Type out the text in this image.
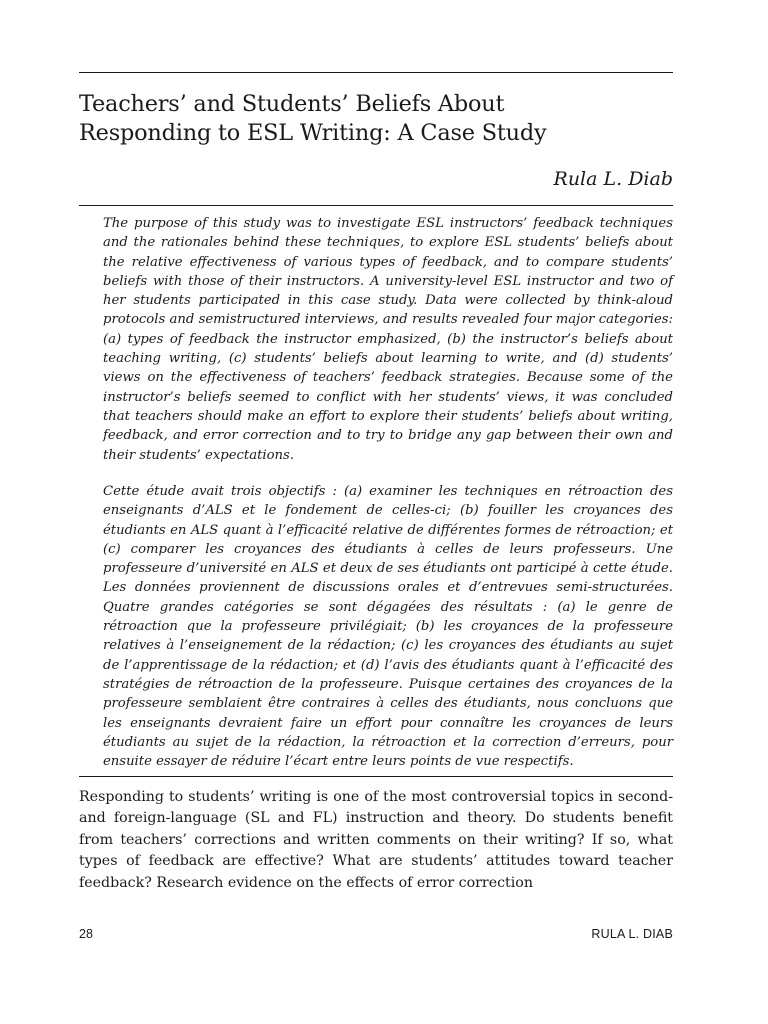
Teachers’ and Students’ Beliefs About
Responding to ESL Writing: A Case Study

Rula L. Diab

The purpose of this study was to investigate ESL instructors’ feedback techniques and the rationales behind these techniques, to explore ESL students’ beliefs about the relative effectiveness of various types of feedback, and to compare students’ beliefs with those of their instructors. A university-level ESL instructor and two of her students participated in this case study. Data were collected by think-aloud protocols and semistructured interviews, and results revealed four major categories: (a) types of feedback the instructor emphasized, (b) the instructor’s beliefs about teaching writing, (c) students’ beliefs about learning to write, and (d) students’ views on the effectiveness of teachers’ feedback strategies. Because some of the instructor’s beliefs seemed to conflict with her students’ views, it was concluded that teachers should make an effort to explore their students’ beliefs about writing, feedback, and error correction and to try to bridge any gap between their own and their students’ expectations.

Cette étude avait trois objectifs : (a) examiner les techniques en rétroaction des enseignants d’ALS et le fondement de celles-ci; (b) fouiller les croyances des étudiants en ALS quant à l’efficacité relative de différentes formes de rétroaction; et (c) comparer les croyances des étudiants à celles de leurs professeurs. Une professeure d’université en ALS et deux de ses étudiants ont participé à cette étude. Les données proviennent de discussions orales et d’entrevues semi-structurées. Quatre grandes catégories se sont dégagées des résultats : (a) le genre de rétroaction que la professeure privilégiait; (b) les croyances de la professeure relatives à l’enseignement de la rédaction; (c) les croyances des étudiants au sujet de l’apprentissage de la rédaction; et (d) l’avis des étudiants quant à l’efficacité des stratégies de rétroaction de la professeure. Puisque certaines des croyances de la professeure semblaient être contraires à celles des étudiants, nous concluons que les enseignants devraient faire un effort pour connaître les croyances de leurs étudiants au sujet de la rédaction, la rétroaction et la correction d’erreurs, pour ensuite essayer de réduire l’écart entre leurs points de vue respectifs.

Responding to students’ writing is one of the most controversial topics in second- and foreign-language (SL and FL) instruction and theory. Do students benefit from teachers’ corrections and written comments on their writing? If so, what types of feedback are effective? What are students’ attitudes toward teacher feedback? Research evidence on the effects of error correction

28	RULA L. DIAB
